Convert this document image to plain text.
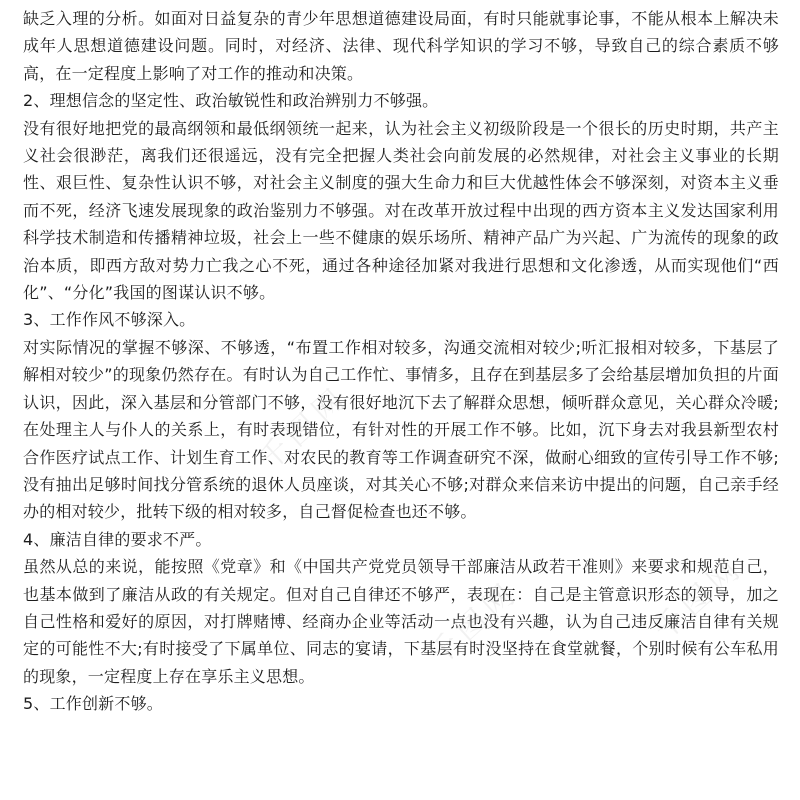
千图网
千图网
千图网

缺乏入理的分析。如面对日益复杂的青少年思想道德建设局面，有时只能就事论事，不能从根本上解决未成年人思想道德建设问题。同时，对经济、法律、现代科学知识的学习不够，导致自己的综合素质不够高，在一定程度上影响了对工作的推动和决策。

2、理想信念的坚定性、政治敏锐性和政治辨别力不够强。

没有很好地把党的最高纲领和最低纲领统一起来，认为社会主义初级阶段是一个很长的历史时期，共产主义社会很渺茫，离我们还很遥远，没有完全把握人类社会向前发展的必然规律，对社会主义事业的长期性、艰巨性、复杂性认识不够，对社会主义制度的强大生命力和巨大优越性体会不够深刻，对资本主义垂而不死，经济飞速发展现象的政治鉴别力不够强。对在改革开放过程中出现的西方资本主义发达国家利用科学技术制造和传播精神垃圾，社会上一些不健康的娱乐场所、精神产品广为兴起、广为流传的现象的政治本质，即西方敌对势力亡我之心不死，通过各种途径加紧对我进行思想和文化渗透，从而实现他们“西化”、“分化”我国的图谋认识不够。

3、工作作风不够深入。

对实际情况的掌握不够深、不够透，“布置工作相对较多，沟通交流相对较少;听汇报相对较多，下基层了解相对较少”的现象仍然存在。有时认为自己工作忙、事情多，且存在到基层多了会给基层增加负担的片面认识，因此，深入基层和分管部门不够，没有很好地沉下去了解群众思想，倾听群众意见，关心群众冷暖;在处理主人与仆人的关系上，有时表现错位，有针对性的开展工作不够。比如，沉下身去对我县新型农村合作医疗试点工作、计划生育工作、对农民的教育等工作调查研究不深，做耐心细致的宣传引导工作不够;没有抽出足够时间找分管系统的退休人员座谈，对其关心不够;对群众来信来访中提出的问题，自己亲手经办的相对较少，批转下级的相对较多，自己督促检查也还不够。

4、廉洁自律的要求不严。

虽然从总的来说，能按照《党章》和《中国共产党党员领导干部廉洁从政若干准则》来要求和规范自己，也基本做到了廉洁从政的有关规定。但对自己自律还不够严，表现在：自己是主管意识形态的领导，加之自己性格和爱好的原因，对打牌赌博、经商办企业等活动一点也没有兴趣，认为自己违反廉洁自律有关规定的可能性不大;有时接受了下属单位、同志的宴请，下基层有时没坚持在食堂就餐，个别时候有公车私用的现象，一定程度上存在享乐主义思想。

5、工作创新不够。
